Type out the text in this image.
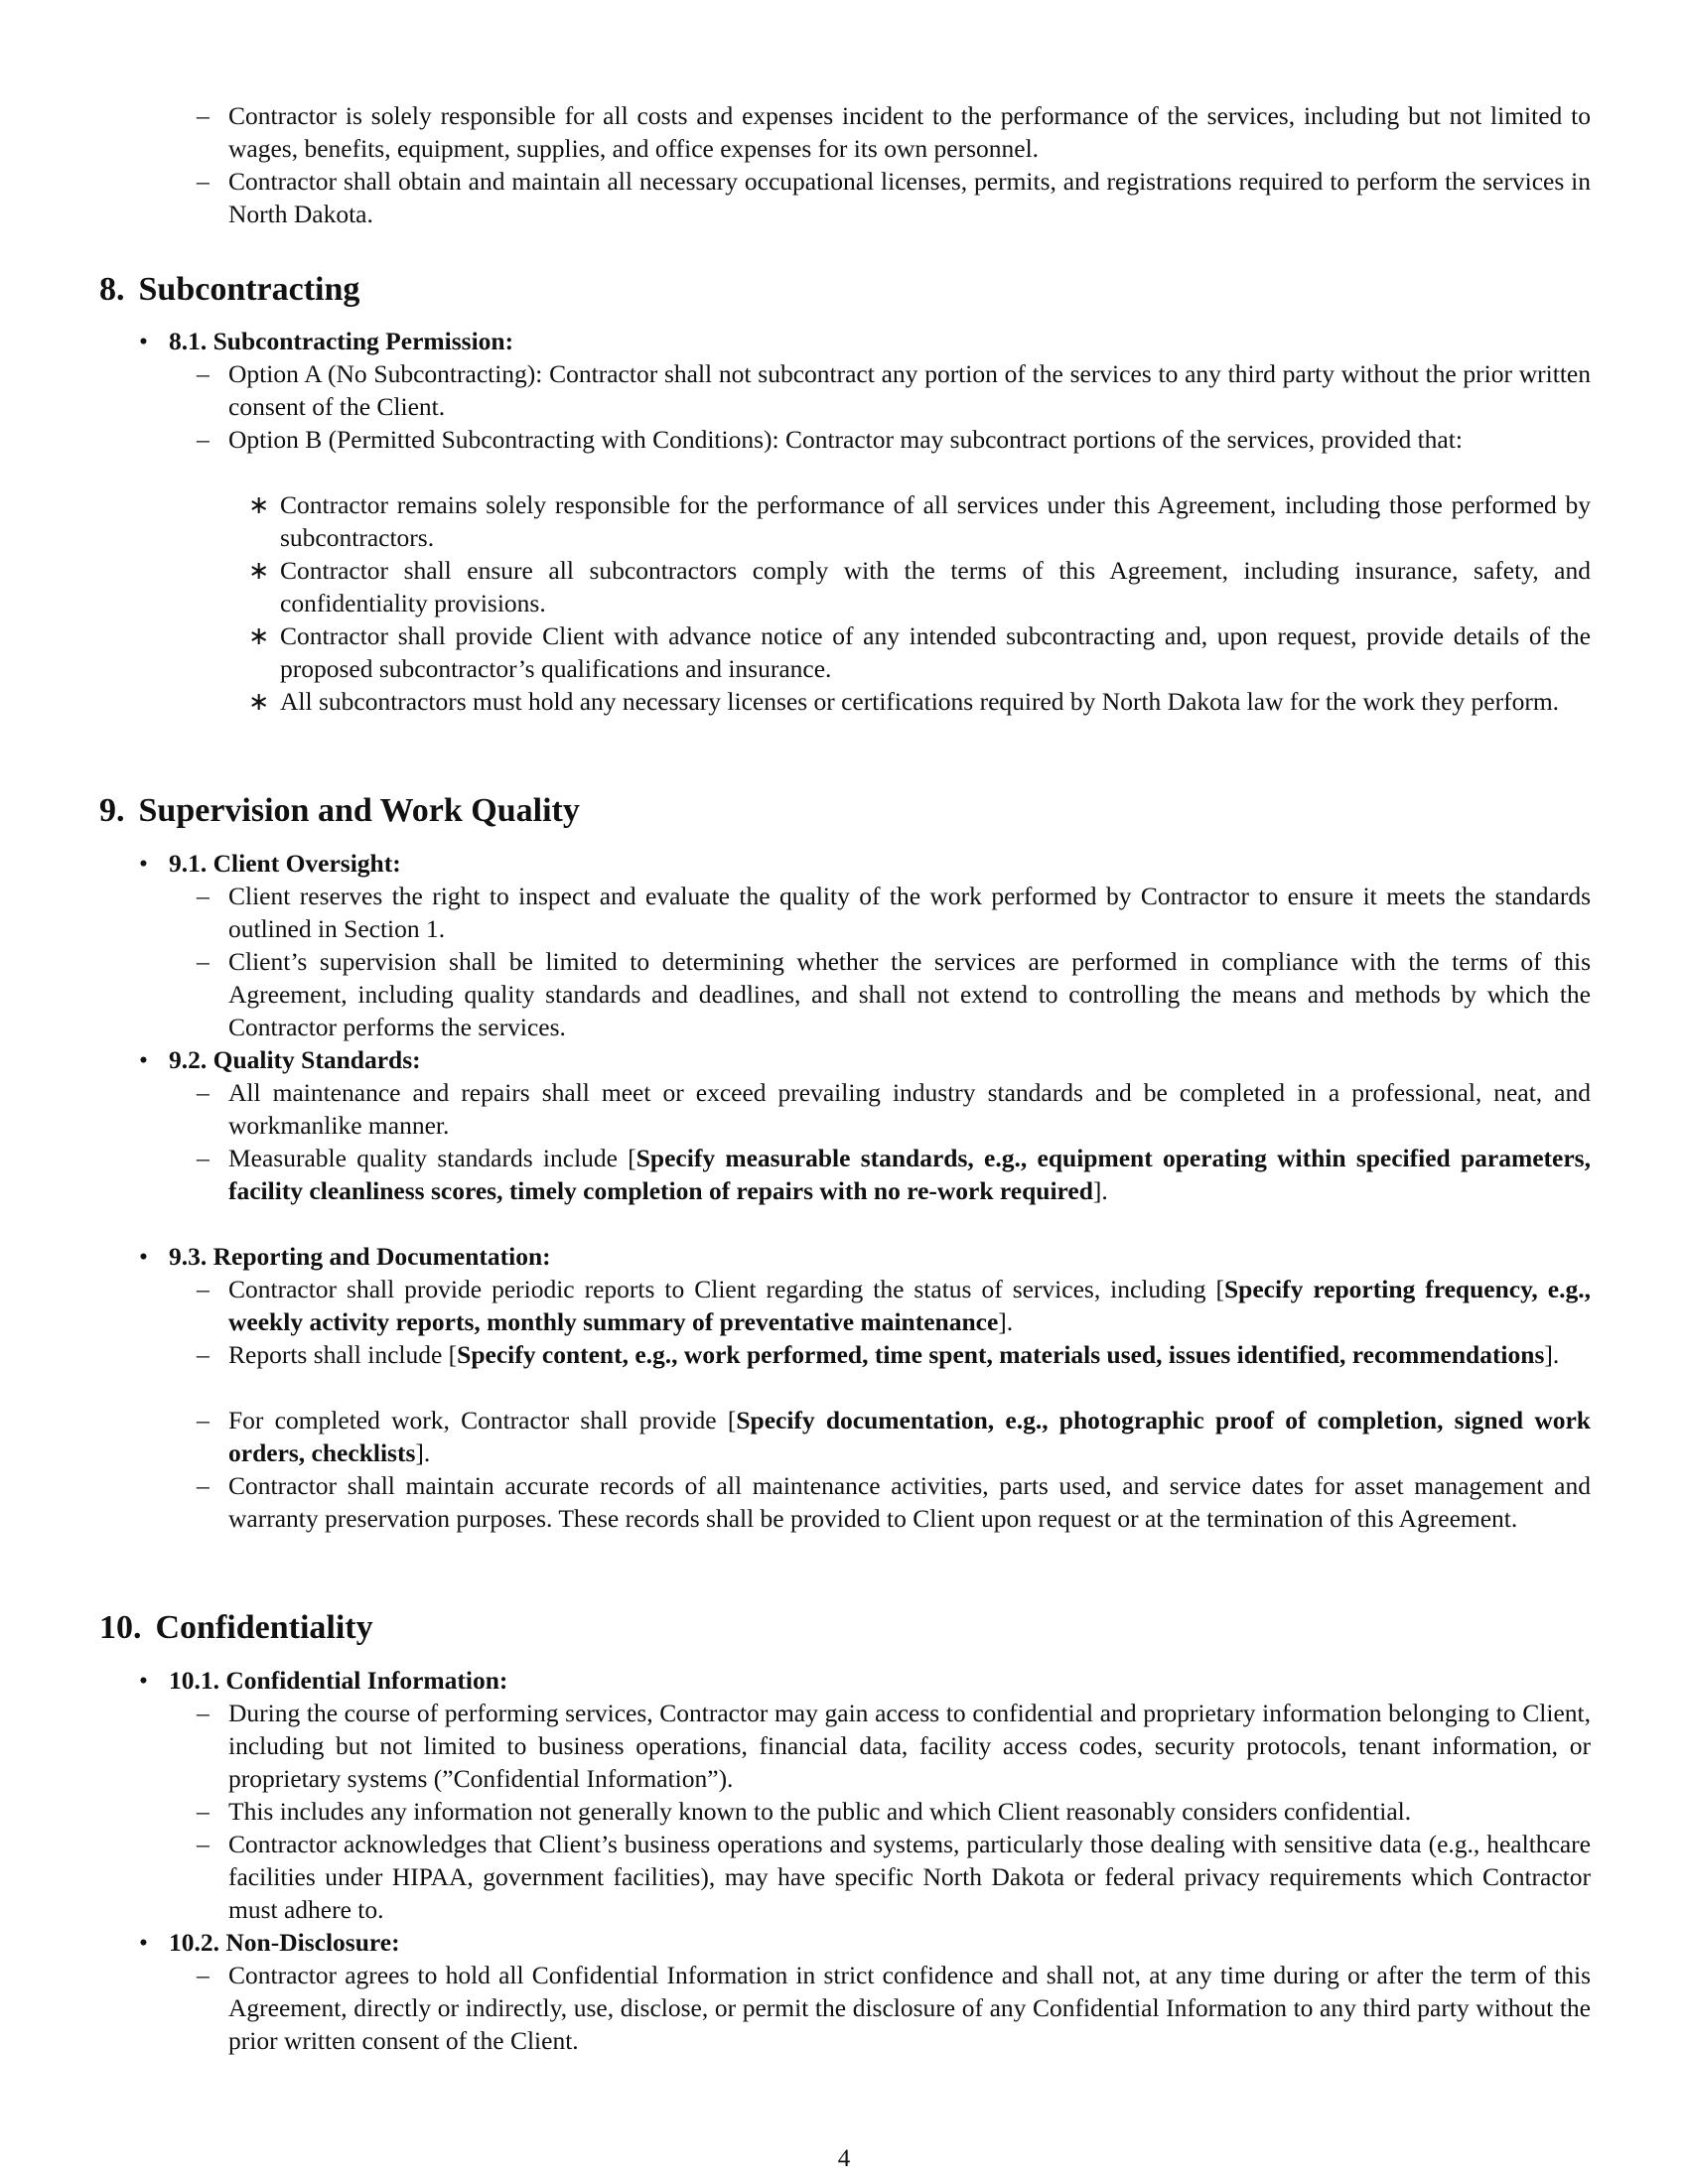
– Contractor is solely responsible for all costs and expenses incident to the performance of the services, including but not limited to wages, benefits, equipment, supplies, and office expenses for its own personnel.
– Contractor shall obtain and maintain all necessary occupational licenses, permits, and registrations required to perform the services in North Dakota.
8. Subcontracting
• 8.1. Subcontracting Permission:
– Option A (No Subcontracting): Contractor shall not subcontract any portion of the services to any third party without the prior written consent of the Client.
– Option B (Permitted Subcontracting with Conditions): Contractor may subcontract portions of the services, provided that:
∗ Contractor remains solely responsible for the performance of all services under this Agreement, including those performed by subcontractors.
∗ Contractor shall ensure all subcontractors comply with the terms of this Agreement, including insurance, safety, and confidentiality provisions.
∗ Contractor shall provide Client with advance notice of any intended subcontracting and, upon request, provide details of the proposed subcontractor’s qualifications and insurance.
∗ All subcontractors must hold any necessary licenses or certifications required by North Dakota law for the work they perform.
9. Supervision and Work Quality
• 9.1. Client Oversight:
– Client reserves the right to inspect and evaluate the quality of the work performed by Contractor to ensure it meets the standards outlined in Section 1.
– Client’s supervision shall be limited to determining whether the services are performed in compliance with the terms of this Agreement, including quality standards and deadlines, and shall not extend to controlling the means and methods by which the Contractor performs the services.
• 9.2. Quality Standards:
– All maintenance and repairs shall meet or exceed prevailing industry standards and be completed in a professional, neat, and workmanlike manner.
– Measurable quality standards include [Specify measurable standards, e.g., equipment operating within specified parameters, facility cleanliness scores, timely completion of repairs with no re-work required].
• 9.3. Reporting and Documentation:
– Contractor shall provide periodic reports to Client regarding the status of services, including [Specify reporting frequency, e.g., weekly activity reports, monthly summary of preventative maintenance].
– Reports shall include [Specify content, e.g., work performed, time spent, materials used, issues identified, recommendations].
– For completed work, Contractor shall provide [Specify documentation, e.g., photographic proof of completion, signed work orders, checklists].
– Contractor shall maintain accurate records of all maintenance activities, parts used, and service dates for asset management and warranty preservation purposes. These records shall be provided to Client upon request or at the termination of this Agreement.
10. Confidentiality
• 10.1. Confidential Information:
– During the course of performing services, Contractor may gain access to confidential and proprietary information belonging to Client, including but not limited to business operations, financial data, facility access codes, security protocols, tenant information, or proprietary systems (”Confidential Information”).
– This includes any information not generally known to the public and which Client reasonably considers confidential.
– Contractor acknowledges that Client’s business operations and systems, particularly those dealing with sensitive data (e.g., healthcare facilities under HIPAA, government facilities), may have specific North Dakota or federal privacy requirements which Contractor must adhere to.
• 10.2. Non-Disclosure:
– Contractor agrees to hold all Confidential Information in strict confidence and shall not, at any time during or after the term of this Agreement, directly or indirectly, use, disclose, or permit the disclosure of any Confidential Information to any third party without the prior written consent of the Client.
4
